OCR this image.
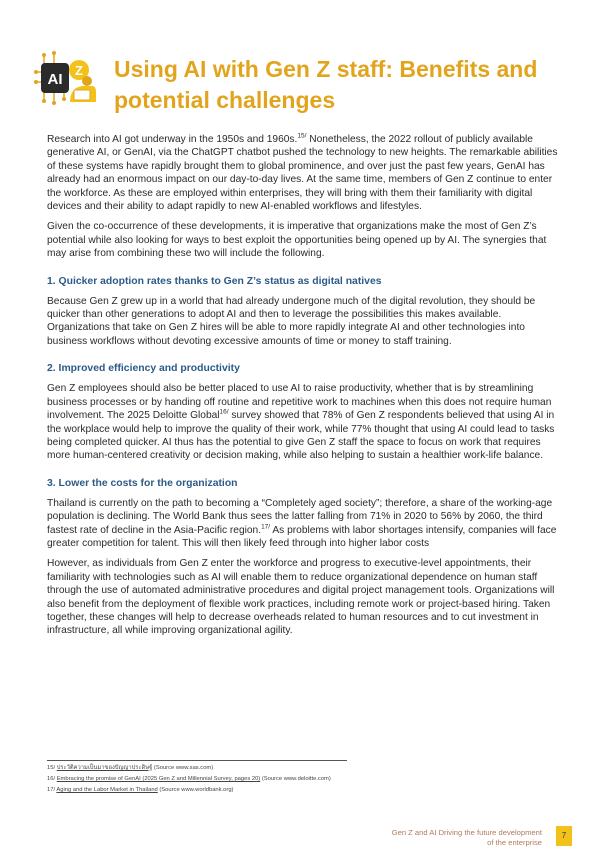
AI
Z Using AI with Gen Z staff: Benefits and potential challenges

Research into AI got underway in the 1950s and 1960s.$^{15/}$ Nonetheless, the 2022 rollout of publicly available generative AI, or GenAI, via the ChatGPT chatbot pushed the technology to new heights. The remarkable abilities of these systems have rapidly brought them to global prominence, and over just the past few years, GenAI has already had an enormous impact on our day-to-day lives. At the same time, members of Gen Z continue to enter the workforce. As these are employed within enterprises, they will bring with them their familiarity with digital devices and their ability to adapt rapidly to new AI-enabled workflows and lifestyles.

Given the co-occurrence of these developments, it is imperative that organizations make the most of Gen Z’s potential while also looking for ways to best exploit the opportunities being opened up by AI. The synergies that may arise from combining these two will include the following.

1. Quicker adoption rates thanks to Gen Z’s status as digital natives

Because Gen Z grew up in a world that had already undergone much of the digital revolution, they should be quicker than other generations to adopt AI and then to leverage the possibilities this makes available. Organizations that take on Gen Z hires will be able to more rapidly integrate AI and other technologies into business workflows without devoting excessive amounts of time or money to staff training.

2. Improved efficiency and productivity

Gen Z employees should also be better placed to use AI to raise productivity, whether that is by streamlining business processes or by handing off routine and repetitive work to machines when this does not require human involvement. The 2025 Deloitte Global$^{16/}$ survey showed that 78% of Gen Z respondents believed that using AI in the workplace would help to improve the quality of their work, while 77% thought that using AI could lead to tasks being completed quicker. AI thus has the potential to give Gen Z staff the space to focus on work that requires more human-centered creativity or decision making, while also helping to sustain a healthier work-life balance.

3. Lower the costs for the organization

Thailand is currently on the path to becoming a “Completely aged society”; therefore, a share of the working-age population is declining. The World Bank thus sees the latter falling from 71% in 2020 to 56% by 2060, the third fastest rate of decline in the Asia-Pacific region.$^{17/}$ As problems with labor shortages intensify, companies will face greater competition for talent. This will then likely feed through into higher labor costs

However, as individuals from Gen Z enter the workforce and progress to executive-level appointments, their familiarity with technologies such as AI will enable them to reduce organizational dependence on human staff through the use of automated administrative procedures and digital project management tools. Organizations will also benefit from the deployment of flexible work practices, including remote work or project-based hiring. Taken together, these changes will help to decrease overheads related to human resources and to cut investment in infrastructure, all while improving organizational agility.

15/ ประวัติความเป็นมาของปัญญาประดิษฐ์ (Source www.sas.com)
16/ Embracing the promise of GenAI (2025 Gen Z and Millennial Survey, pages 20) (Source www.deloitte.com)
17/ Aging and the Labor Market in Thailand (Source www.worldbank.org)
Gen Z and AI Driving the future development
of the enterprise
7
